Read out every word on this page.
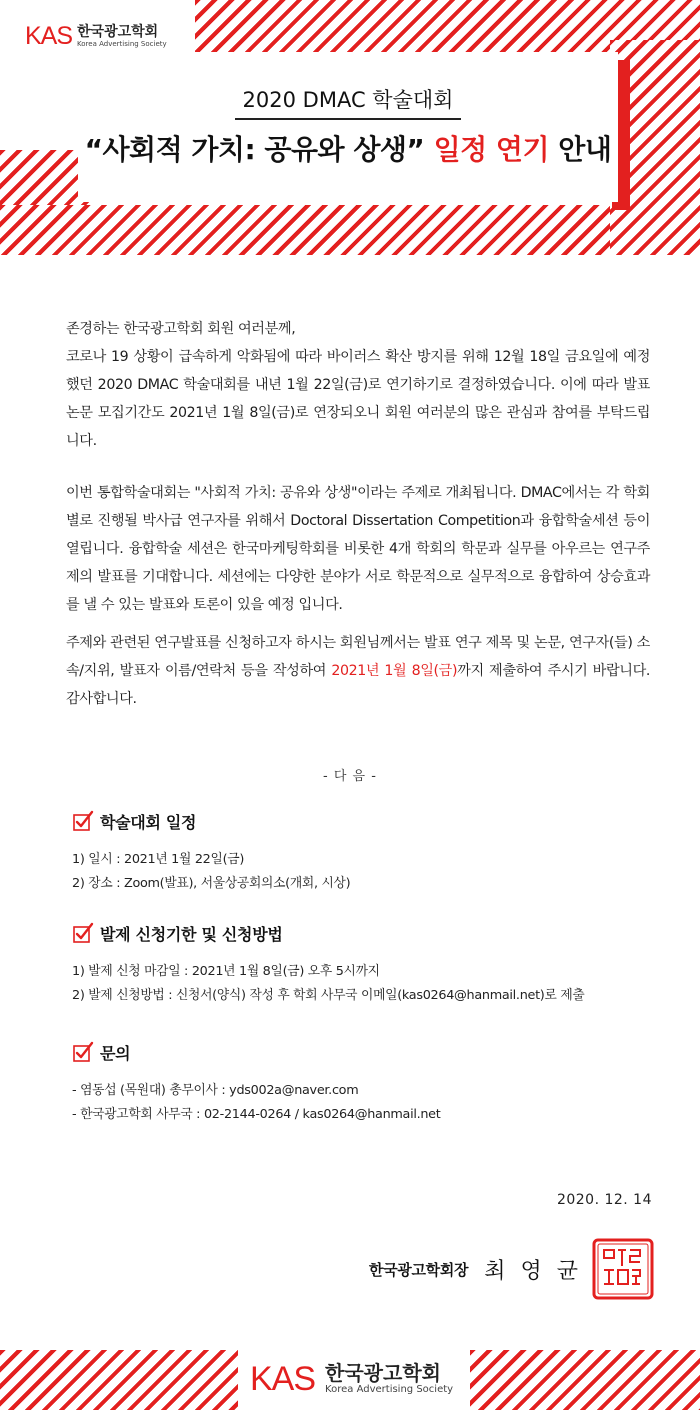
KAS 한국광고학회
Korea Advertising Society
2020 DMAC 학술대회
“사회적 가치: 공유와 상생” 일정 연기 안내

존경하는 한국광고학회 회원 여러분께,

코로나 19 상황이 급속하게 악화됨에 따라 바이러스 확산 방지를 위해 12월 18일 금요일에 예정했던 2020 DMAC 학술대회를 내년 1월 22일(금)로 연기하기로 결정하였습니다. 이에 따라 발표논문 모집기간도 2021년 1월 8일(금)로 연장되오니 회원 여러분의 많은 관심과 참여를 부탁드립니다.

이번 통합학술대회는 "사회적 가치: 공유와 상생"이라는 주제로 개최됩니다. DMAC에서는 각 학회 별로 진행될 박사급 연구자를 위해서 Doctoral Dissertation Competition과 융합학술세션 등이 열립니다. 융합학술 세션은 한국마케팅학회를 비롯한 4개 학회의 학문과 실무를 아우르는 연구주제의 발표를 기대합니다. 세션에는 다양한 분야가 서로 학문적으로 실무적으로 융합하여 상승효과를 낼 수 있는 발표와 토론이 있을 예정 입니다.

주제와 관련된 연구발표를 신청하고자 하시는 회원님께서는 발표 연구 제목 및 논문, 연구자(들) 소속/지위, 발표자 이름/연락처 등을 작성하여 2021년 1월 8일(금)까지 제출하여 주시기 바랍니다. 감사합니다.

- 다 음 -
학술대회 일정
1) 일시 : 2021년 1월 22일(금)
2) 장소 : Zoom(발표), 서울상공회의소(개회, 시상)
발제 신청기한 및 신청방법
1) 발제 신청 마감일 : 2021년 1월 8일(금) 오후 5시까지
2) 발제 신청방법 : 신청서(양식) 작성 후 학회 사무국 이메일(kas0264@hanmail.net)로 제출
문의
- 염동섭 (목원대) 총무이사 : yds002a@naver.com
- 한국광고학회 사무국 : 02-2144-0264 / kas0264@hanmail.net
2020. 12. 14
한국광고학회장 최 영 균
KAS 한국광고학회
Korea Advertising Society
